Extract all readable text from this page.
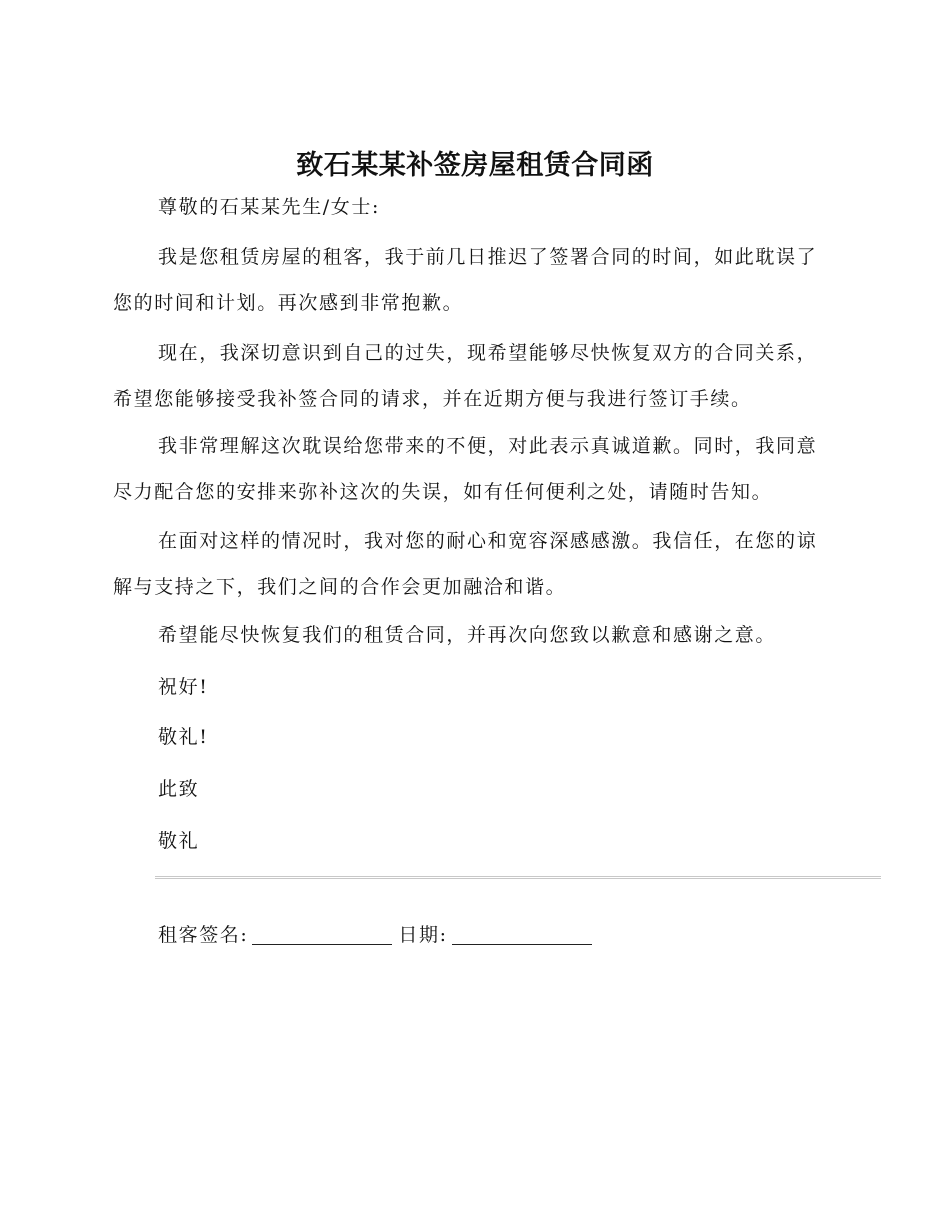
致石某某补签房屋租赁合同函

尊敬的石某某先生/女士:

我是您租赁房屋的租客，我于前几日推迟了签署合同的时间，如此耽误了您的时间和计划。再次感到非常抱歉。

现在，我深切意识到自己的过失，现希望能够尽快恢复双方的合同关系，希望您能够接受我补签合同的请求，并在近期方便与我进行签订手续。

我非常理解这次耽误给您带来的不便，对此表示真诚道歉。同时，我同意尽力配合您的安排来弥补这次的失误，如有任何便利之处，请随时告知。

在面对这样的情况时，我对您的耐心和宽容深感感激。我信任，在您的谅解与支持之下，我们之间的合作会更加融洽和谐。

希望能尽快恢复我们的租赁合同，并再次向您致以歉意和感谢之意。

祝好!

敬礼!

此致

敬礼

租客签名:	日期:
